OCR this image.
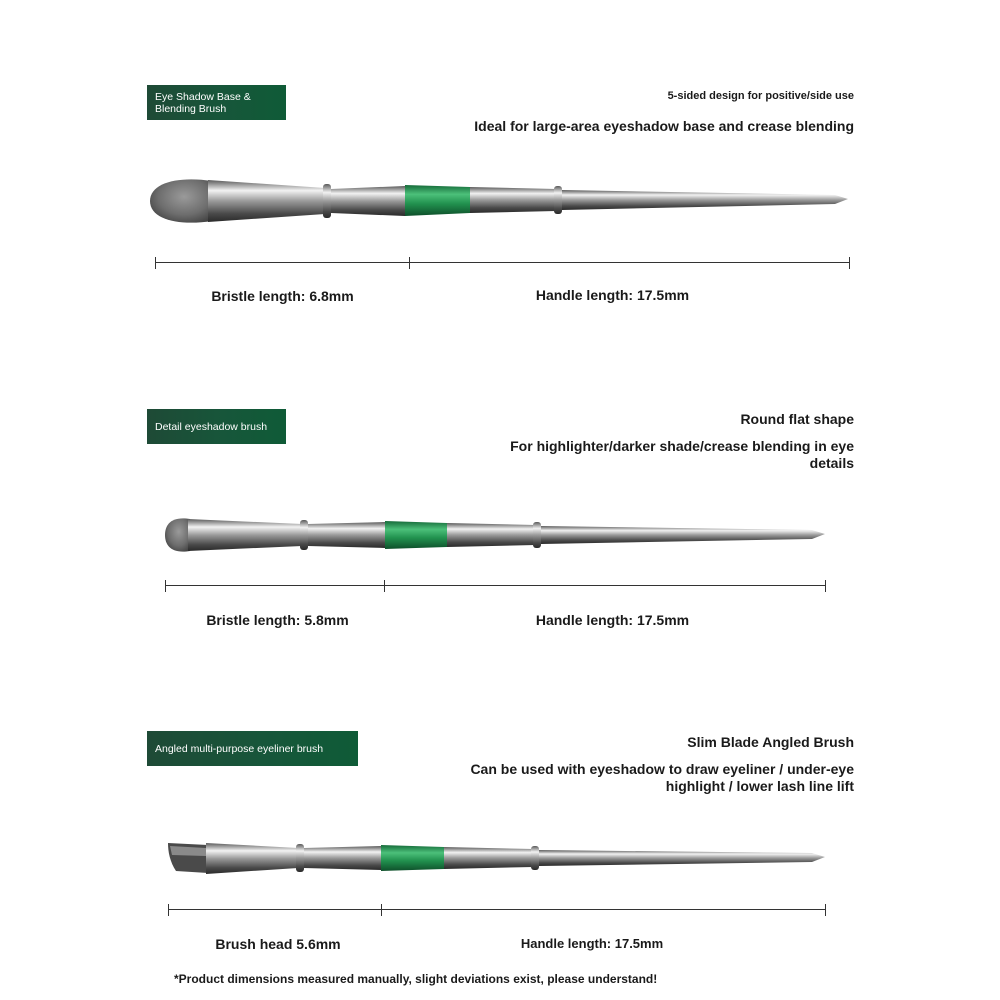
Eye Shadow Base &
Blending Brush
5-sided design for positive/side use
Ideal for large-area eyeshadow base and crease blending
Bristle length: 6.8mm	Handle length: 17.5mm
Detail eyeshadow brush	Round flat shape
For highlighter/darker shade/crease blending in eye
details
Bristle length: 5.8mm	Handle length: 17.5mm
Angled multi-purpose eyeliner brush	Slim Blade Angled Brush
Can be used with eyeshadow to draw eyeliner / under-eye
highlight / lower lash line lift
Brush head 5.6mm	Handle length: 17.5mm
*Product dimensions measured manually, slight deviations exist, please understand!
